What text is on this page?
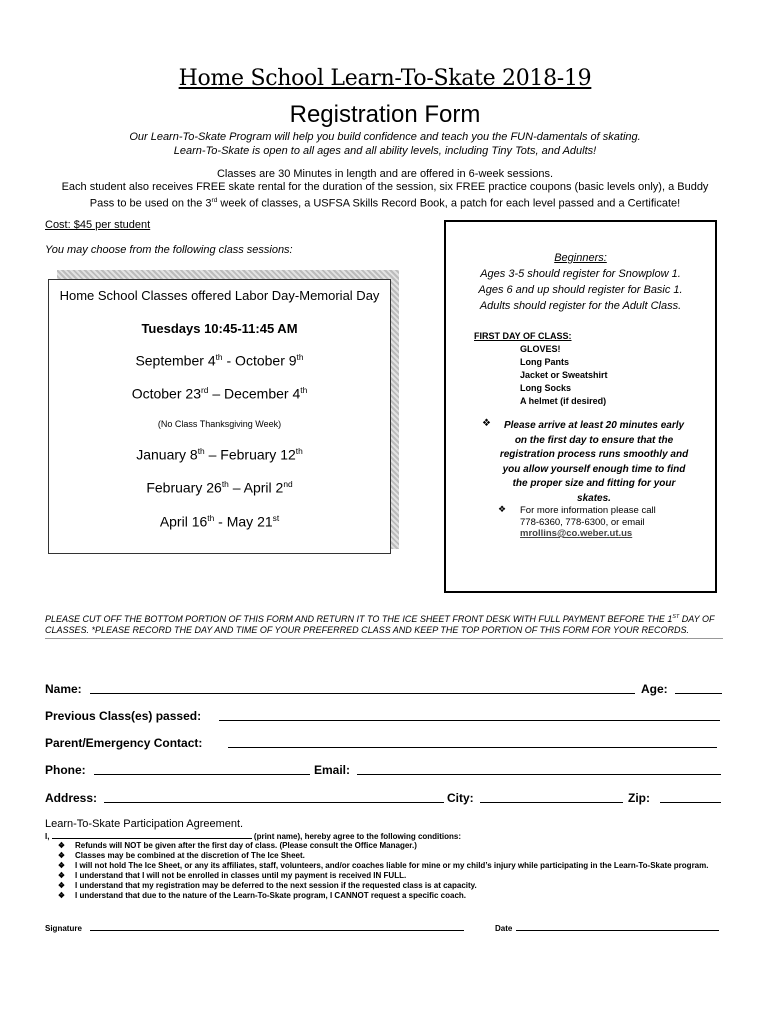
Home School Learn-To-Skate 2018-19
Registration Form
Our Learn-To-Skate Program will help you build confidence and teach you the FUN-damentals of skating.
Learn-To-Skate is open to all ages and all ability levels, including Tiny Tots, and Adults!
Classes are 30 Minutes in length and are offered in 6-week sessions.
Each student also receives FREE skate rental for the duration of the session, six FREE practice coupons (basic levels only), a Buddy
Pass to be used on the 3rd week of classes, a USFSA Skills Record Book, a patch for each level passed and a Certificate!
Cost: $45 per student
You may choose from the following class sessions:
Home School Classes offered Labor Day-Memorial Day
Tuesdays 10:45-11:45 AM
September 4th - October 9th
October 23rd – December 4th
(No Class Thanksgiving Week)
January 8th – February 12th
February 26th – April 2nd
April 16th - May 21st
Beginners:
Ages 3-5 should register for Snowplow 1.
Ages 6 and up should register for Basic 1.
Adults should register for the Adult Class.
FIRST DAY OF CLASS:
GLOVES!
Long Pants
Jacket or Sweatshirt
Long Socks
A helmet (if desired)
❖	Please arrive at least 20 minutes early
on the first day to ensure that the
registration process runs smoothly and
you allow yourself enough time to find
the proper size and fitting for your
skates.
❖ For more information please call
778-6360, 778-6300, or email
mrollins@co.weber.ut.us
PLEASE CUT OFF THE BOTTOM PORTION OF THIS FORM AND RETURN IT TO THE ICE SHEET FRONT DESK WITH FULL PAYMENT BEFORE THE 1ST DAY OF
CLASSES. *PLEASE RECORD THE DAY AND TIME OF YOUR PREFERRED CLASS AND KEEP THE TOP PORTION OF THIS FORM FOR YOUR RECORDS.
Name:	Age:
Previous Class(es) passed:
Parent/Emergency Contact:
Phone:	Email:
Address:	City:	Zip:
Learn-To-Skate Participation Agreement.
I,	(print name), hereby agree to the following conditions:
❖ Refunds will NOT be given after the first day of class. (Please consult the Office Manager.)
❖ Classes may be combined at the discretion of The Ice Sheet.
❖	I will not hold The Ice Sheet, or any its affiliates, staff, volunteers, and/or coaches liable for mine or my child’s injury while participating in the Learn-To-Skate program.
❖ I understand that I will not be enrolled in classes until my payment is received IN FULL.
❖ I understand that my registration may be deferred to the next session if the requested class is at capacity.
❖ I understand that due to the nature of the Learn-To-Skate program, I CANNOT request a specific coach.
Signature	Date
